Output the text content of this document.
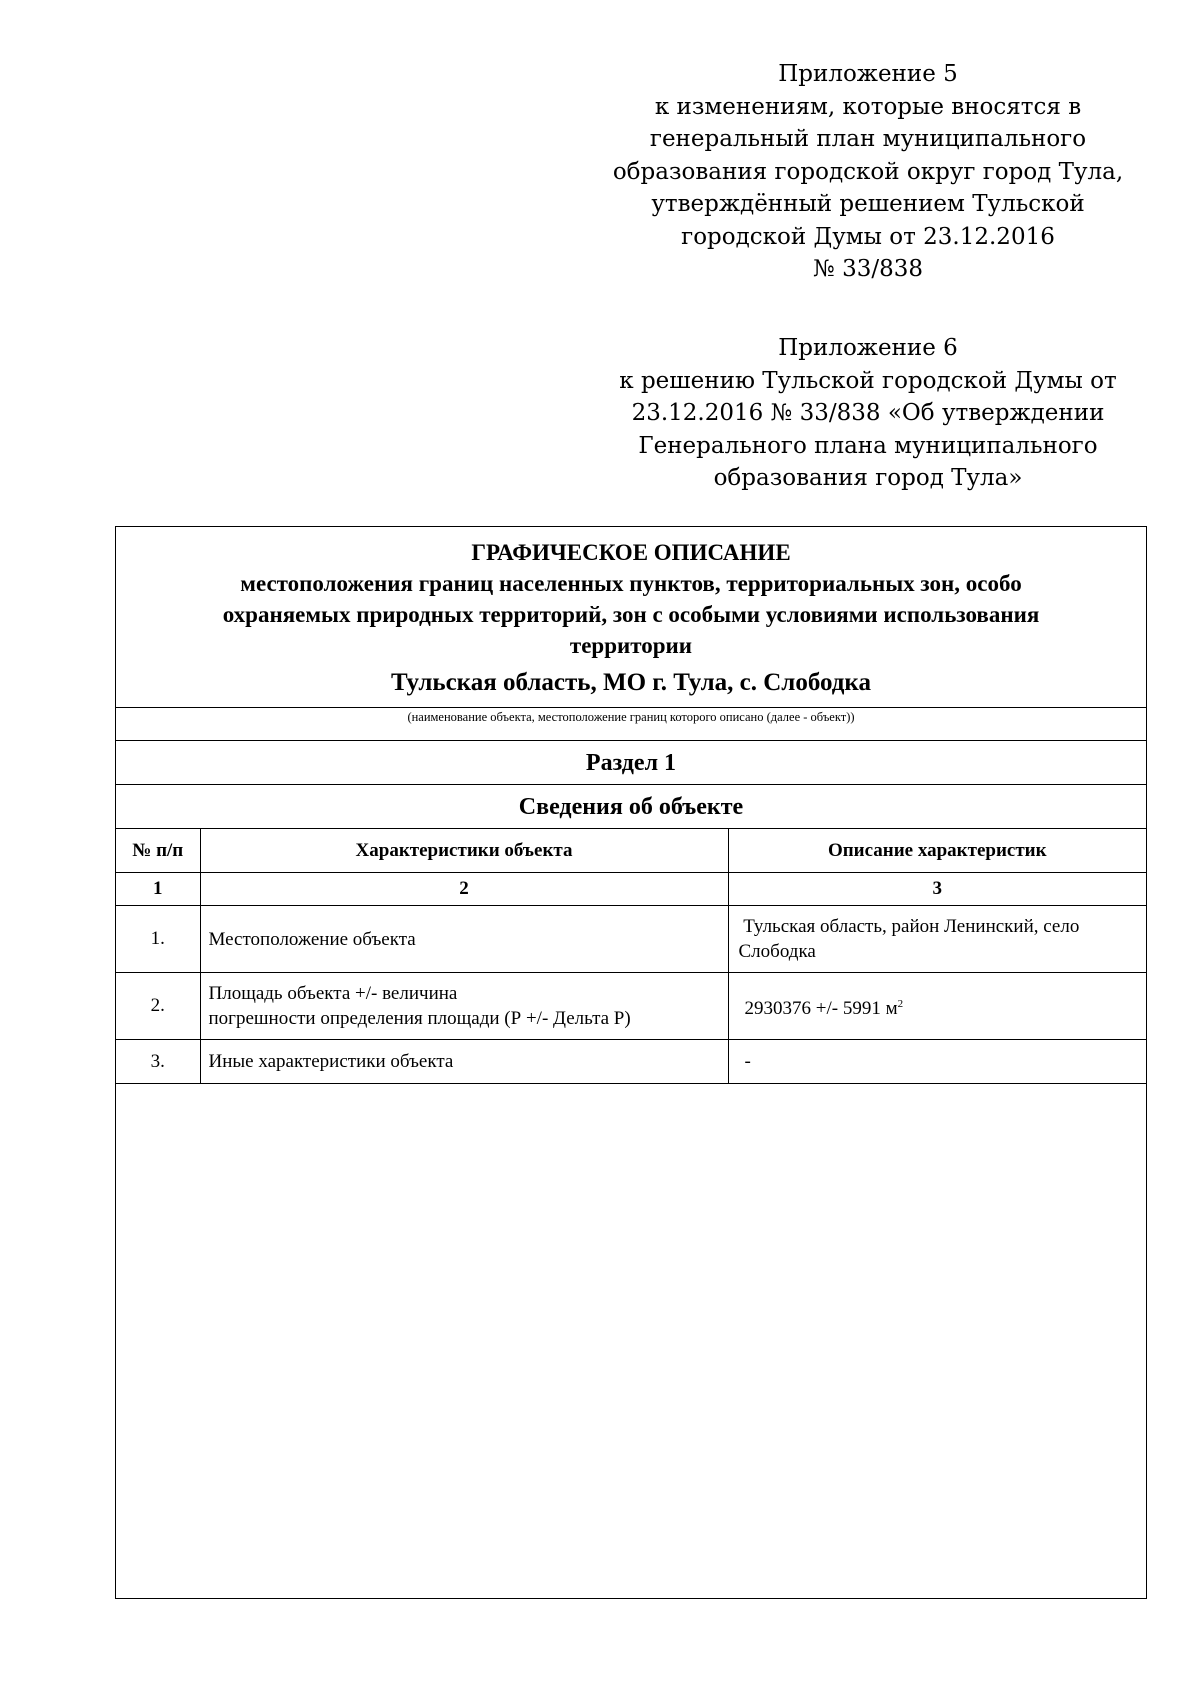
Приложение 5
к изменениям, которые вносятся в
генеральный план муниципального
образования городской округ город Тула,
утверждённый решением Тульской
городской Думы от 23.12.2016
№ 33/838
Приложение 6
к решению Тульской городской Думы от
23.12.2016 № 33/838 «Об утверждении
Генерального плана муниципального
образования город Тула»
ГРАФИЧЕСКОЕ ОПИСАНИЕ
местоположения границ населенных пунктов, территориальных зон, особо
охраняемых природных территорий, зон с особыми условиями использования
территории
Тульская область, МО г. Тула, с. Слободка
(наименование объекта, местоположение границ которого описано (далее - объект))
Раздел 1
Сведения об объекте
№ п/п	Характеристики объекта	Описание характеристик
1	2	3
1.	Местоположение объекта	Тульская область, район Ленинский, село
Слободка

2.	Площадь объекта +/- величина
погрешности определения площади (Р +/- Дельта Р)	2930376 +/- 5991 $м^2$
3.	Иные характеристики объекта	-
